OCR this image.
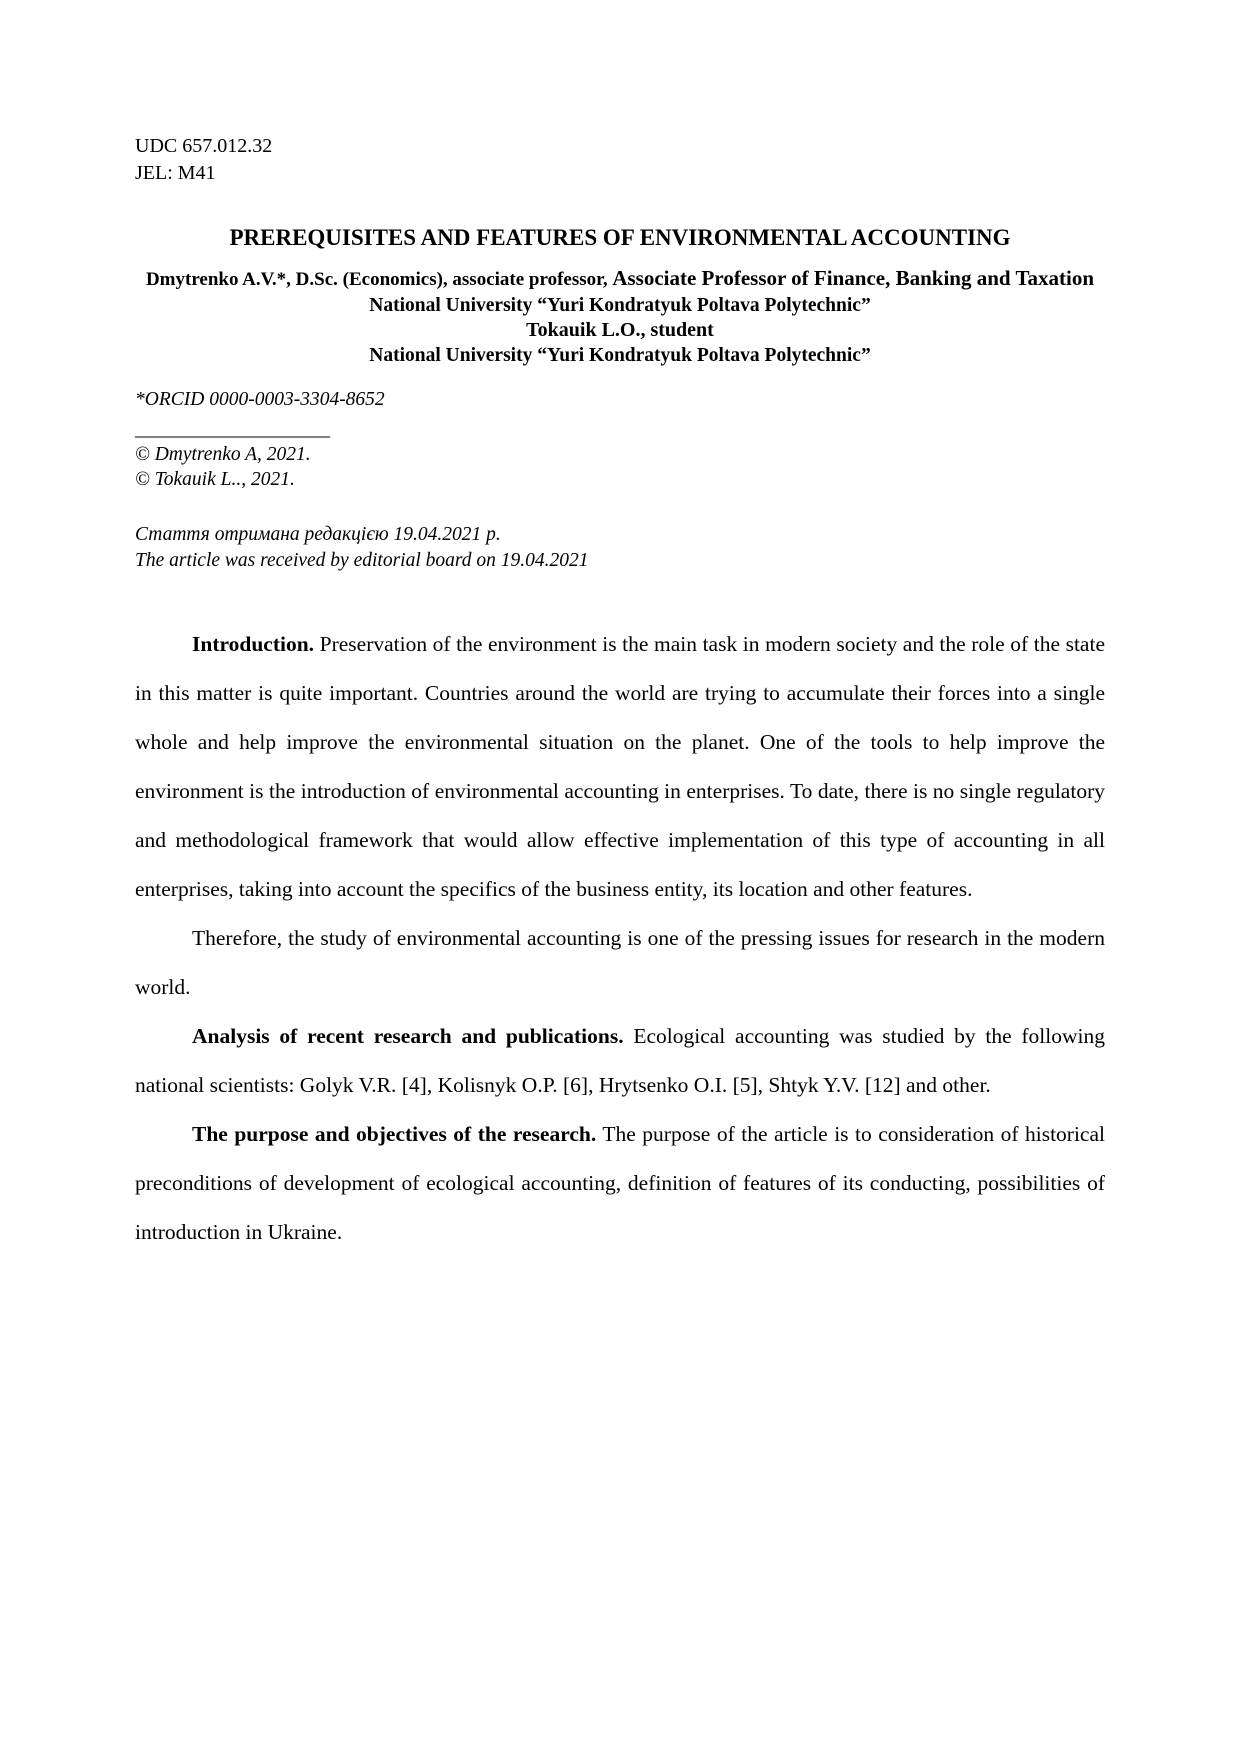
UDC 657.012.32
JEL: M41
PREREQUISITES AND FEATURES OF ENVIRONMENTAL ACCOUNTING

Dmytrenko A.V.*, D.Sc. (Economics), associate professor, Associate Professor of Finance, Banking and Taxation

National University “Yuri Kondratyuk Poltava Polytechnic”

Tokauik L.O., student

National University “Yuri Kondratyuk Poltava Polytechnic”

*ORCID 0000-0003-3304-8652

____________________

© Dmytrenko A, 2021.

© Tokauik L.., 2021.

Стаття отримана редакцією 19.04.2021 р.

The article was received by editorial board on 19.04.2021

Introduction. Preservation of the environment is the main task in modern society and the role of the state in this matter is quite important. Countries around the world are trying to accumulate their forces into a single whole and help improve the environmental situation on the planet. One of the tools to help improve the environment is the introduction of environmental accounting in enterprises. To date, there is no single regulatory and methodological framework that would allow effective implementation of this type of accounting in all enterprises, taking into account the specifics of the business entity, its location and other features.

Therefore, the study of environmental accounting is one of the pressing issues for research in the modern world.

Analysis of recent research and publications. Ecological accounting was studied by the following national scientists: Golyk V.R. [4], Kolisnyk O.P. [6], Hrytsenko O.I. [5], Shtyk Y.V. [12] and other.

The purpose and objectives of the research. The purpose of the article is to consideration of historical preconditions of development of ecological accounting, definition of features of its conducting, possibilities of introduction in Ukraine.
